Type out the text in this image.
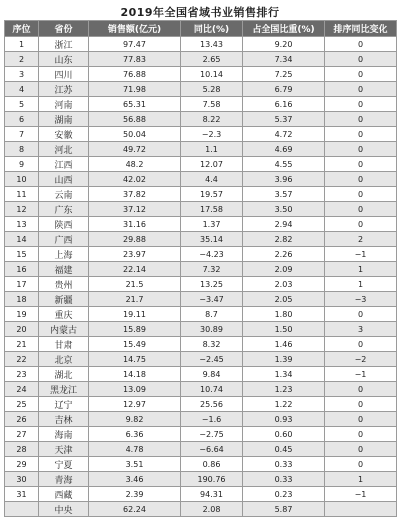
2019年全国省域书业销售排行
序位	省份	销售额(亿元)	同比(%)	占全国比重(%)	排序同比变化
1	浙江	97.47	13.43	9.20	0
2	山东	77.83	2.65	7.34	0
3	四川	76.88	10.14	7.25	0
4	江苏	71.98	5.28	6.79	0
5	河南	65.31	7.58	6.16	0
6	湖南	56.88	8.22	5.37	0
7	安徽	50.04	−2.3	4.72	0
8	河北	49.72	1.1	4.69	0
9	江西	48.2	12.07	4.55	0
10	山西	42.02	4.4	3.96	0
11	云南	37.82	19.57	3.57	0
12	广东	37.12	17.58	3.50	0
13	陕西	31.16	1.37	2.94	0
14	广西	29.88	35.14	2.82	2
15	上海	23.97	−4.23	2.26	−1
16	福建	22.14	7.32	2.09	1
17	贵州	21.5	13.25	2.03	1
18	新疆	21.7	−3.47	2.05	−3
19	重庆	19.11	8.7	1.80	0
20	内蒙古	15.89	30.89	1.50	3
21	甘肃	15.49	8.32	1.46	0
22	北京	14.75	−2.45	1.39	−2
23	湖北	14.18	9.84	1.34	−1
24	黑龙江	13.09	10.74	1.23	0
25	辽宁	12.97	25.56	1.22	0
26	吉林	9.82	−1.6	0.93	0
27	海南	6.36	−2.75	0.60	0
28	天津	4.78	−6.64	0.45	0
29	宁夏	3.51	0.86	0.33	0
30	青海	3.46	190.76	0.33	1
31	西藏	2.39	94.31	0.23	−1
	中央	62.24	2.08	5.87	
